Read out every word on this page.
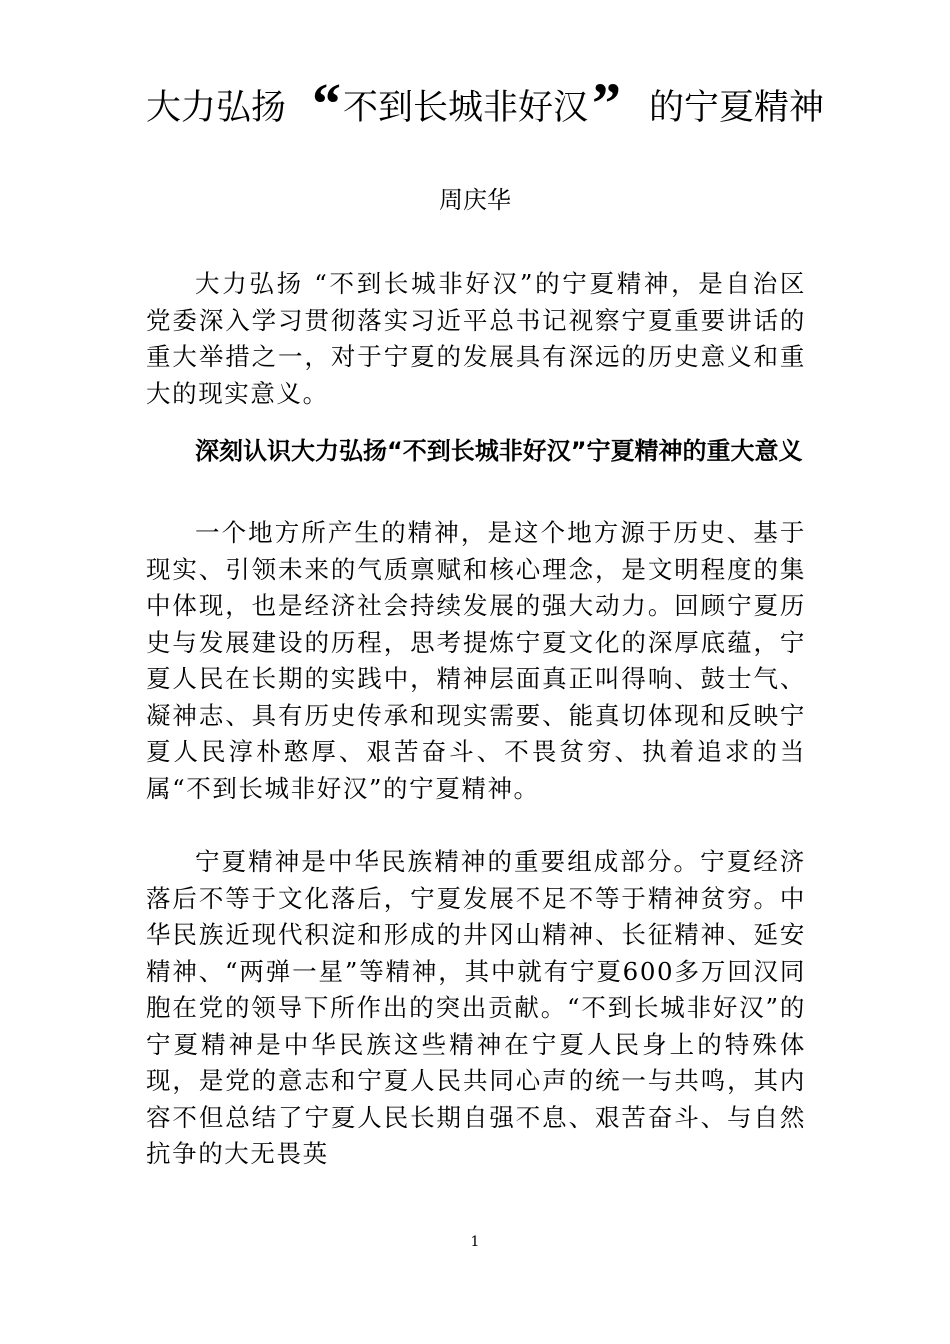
大力弘扬 “不到长城非好汉” 的宁夏精神
周庆华

大力弘扬 “不到长城非好汉”的宁夏精神，是自治区党委深入学习贯彻落实习近平总书记视察宁夏重要讲话的重大举措之一，对于宁夏的发展具有深远的历史意义和重大的现实意义。

深刻认识大力弘扬“不到长城非好汉”宁夏精神的重大意义

一个地方所产生的精神，是这个地方源于历史、基于现实、引领未来的气质禀赋和核心理念，是文明程度的集中体现，也是经济社会持续发展的强大动力。回顾宁夏历史与发展建设的历程，思考提炼宁夏文化的深厚底蕴，宁夏人民在长期的实践中，精神层面真正叫得响、鼓士气、凝神志、具有历史传承和现实需要、能真切体现和反映宁夏人民淳朴憨厚、艰苦奋斗、不畏贫穷、执着追求的当属“不到长城非好汉”的宁夏精神。

宁夏精神是中华民族精神的重要组成部分。宁夏经济落后不等于文化落后，宁夏发展不足不等于精神贫穷。中华民族近现代积淀和形成的井冈山精神、长征精神、延安精神、“两弹一星”等精神，其中就有宁夏600多万回汉同胞在党的领导下所作出的突出贡献。“不到长城非好汉”的宁夏精神是中华民族这些精神在宁夏人民身上的特殊体现，是党的意志和宁夏人民共同心声的统一与共鸣，其内容不但总结了宁夏人民长期自强不息、艰苦奋斗、与自然抗争的大无畏英

1
